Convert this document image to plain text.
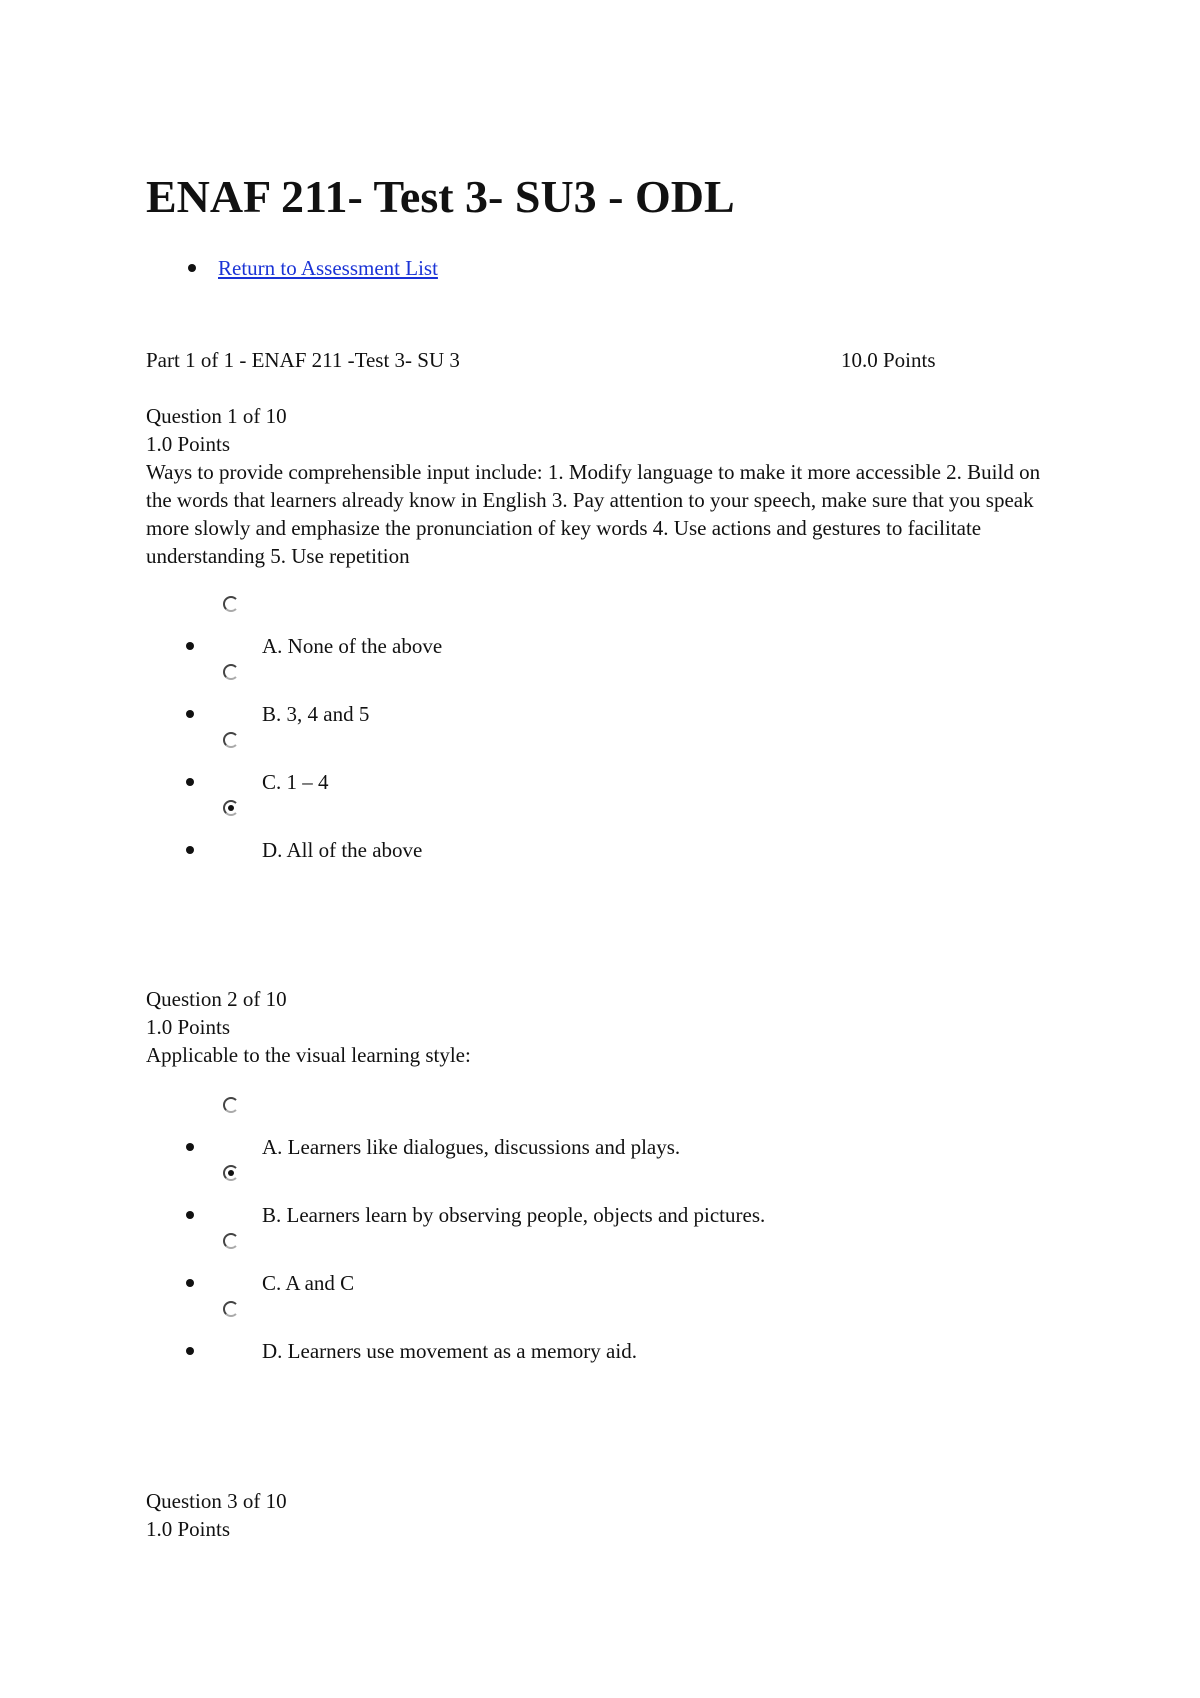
ENAF 211- Test 3- SU3 - ODL
Return to Assessment List
Part 1 of 1 - ENAF 211 -Test 3- SU 3	10.0 Points
Question 1 of 10
1.0 Points
Ways to provide comprehensible input include: 1. Modify language to make it more accessible 2. Build on the words that learners already know in English 3. Pay attention to your speech, make sure that you speak more slowly and emphasize the pronunciation of key words 4. Use actions and gestures to facilitate understanding 5. Use repetition
A. None of the above
B. 3, 4 and 5
C. 1 – 4
D. All of the above
Question 2 of 10
1.0 Points
Applicable to the visual learning style:
A. Learners like dialogues, discussions and plays.
B. Learners learn by observing people, objects and pictures.
C. A and C
D. Learners use movement as a memory aid.
Question 3 of 10
1.0 Points
